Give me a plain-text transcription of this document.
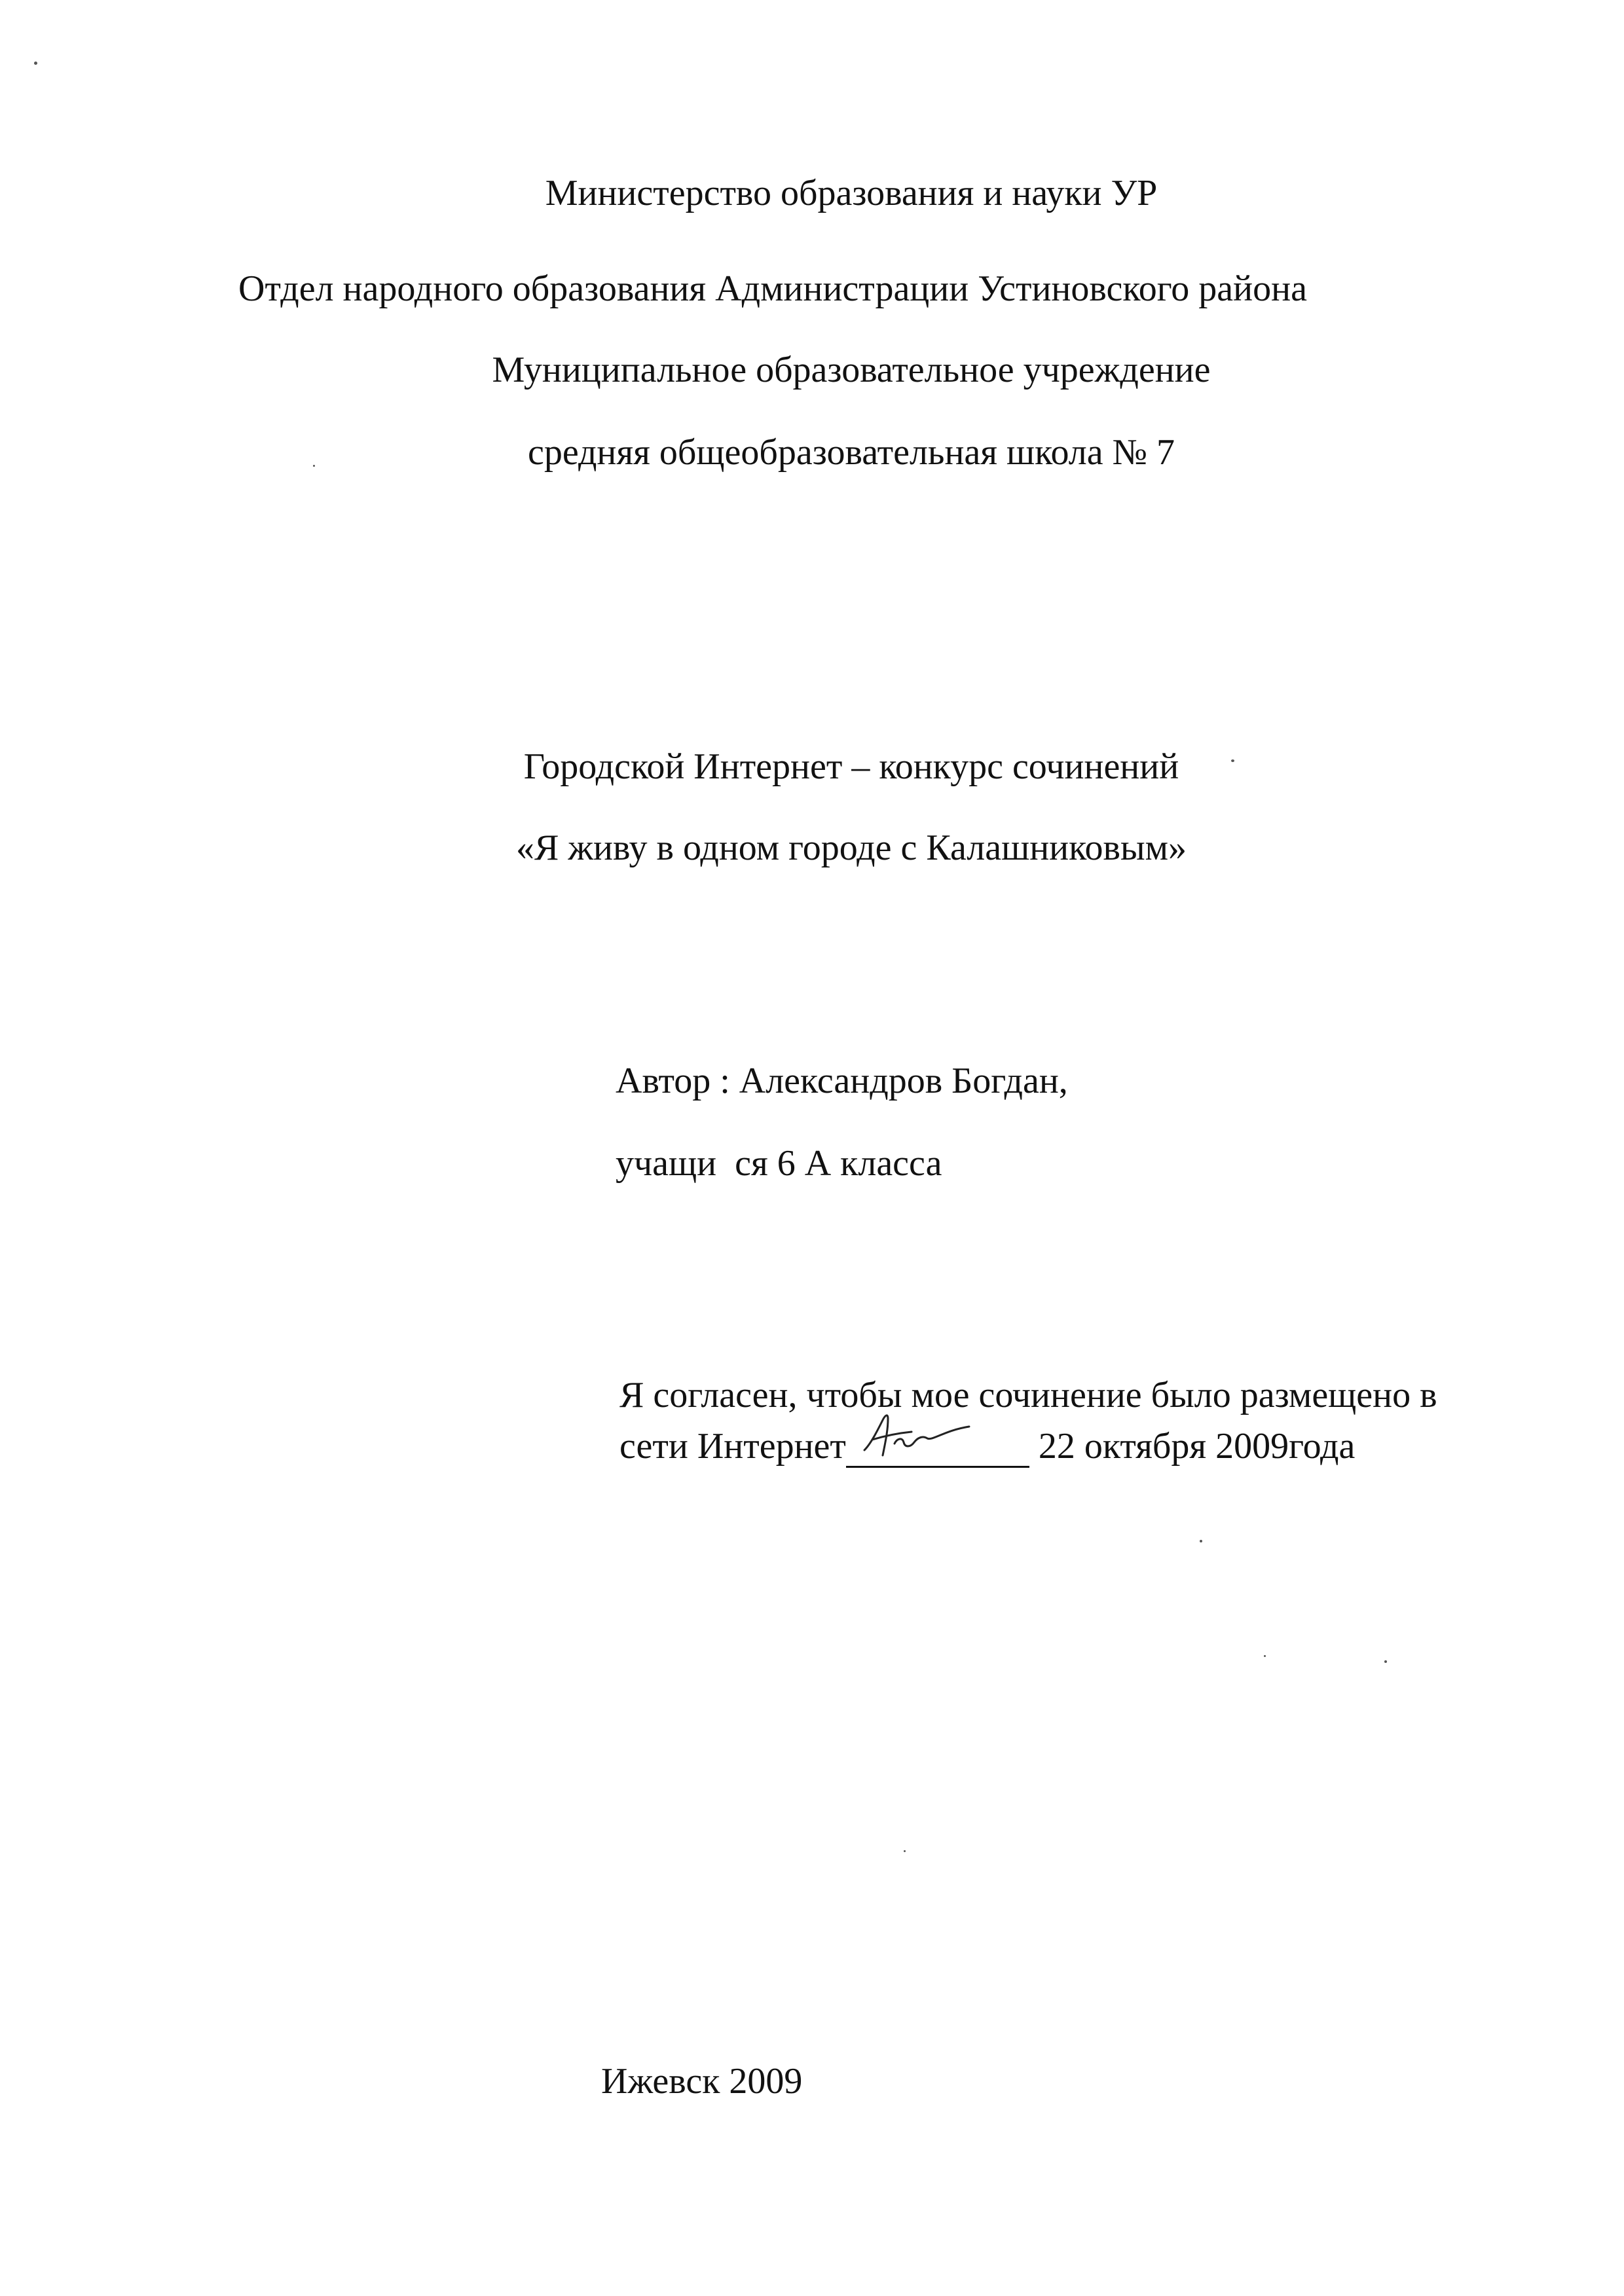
Министерство образования и науки УР
Отдел народного образования Администрации Устиновского района
Муниципальное образовательное учреждение
средняя общеобразовательная школа № 7
Городской Интернет – конкурс сочинений
«Я живу в одном городе с Калашниковым»
Автор : Александров Богдан,
учащи  ся 6 А класса
Я согласен, чтобы мое сочинение было размещено в
сети Интернет	22 октября 2009года
Ижевск 2009
